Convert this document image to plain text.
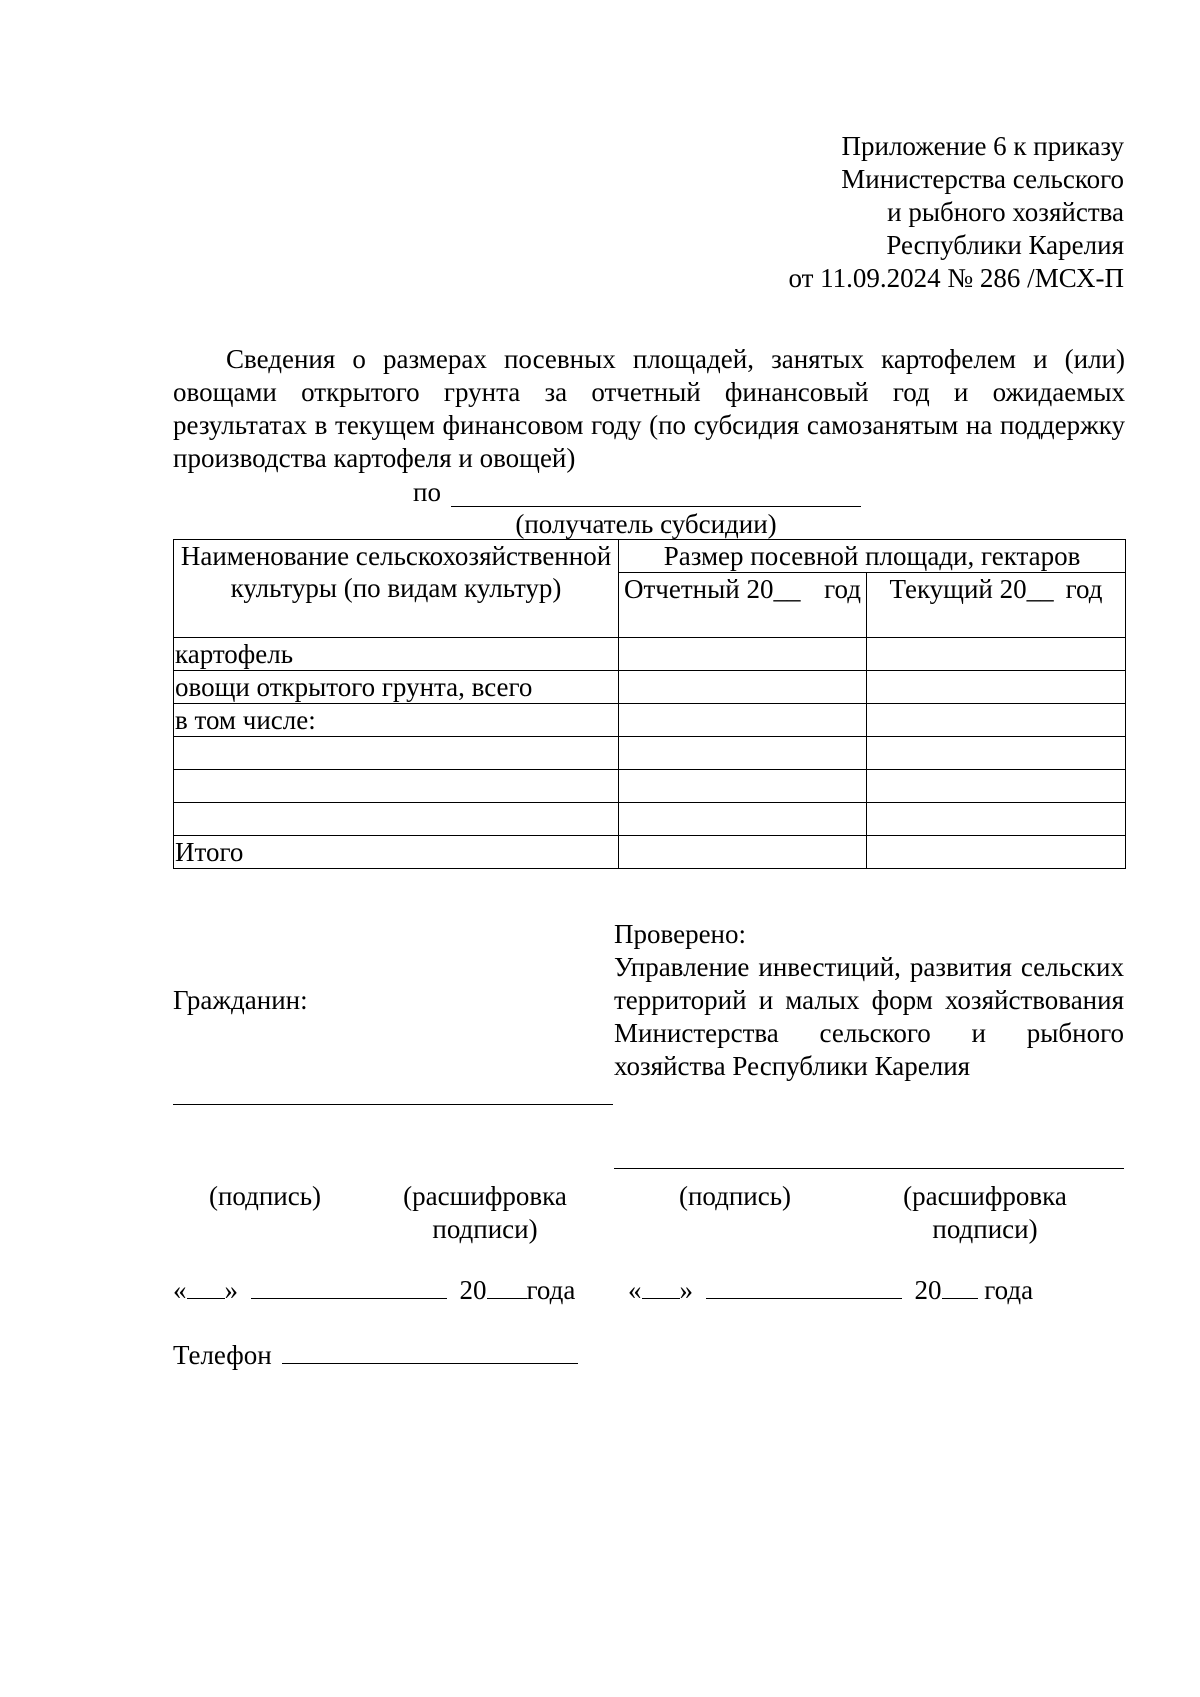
Приложение 6 к приказу
Министерства сельского
и рыбного хозяйства
Республики Карелия
от 11.09.2024 № 286 /МСХ-П
Сведения о размерах посевных площадей, занятых картофелем и (или) овощами открытого грунта за отчетный финансовый год и ожидаемых результатах в текущем финансовом году (по субсидия самозанятым на поддержку производства картофеля и овощей)
по
(получатель субсидии)
Наименование сельскохозяйственной культуры (по видам культур)	Размер посевной площади, гектаров	

	Отчетный 20__ год	Текущий 20__ год

картофель		
овощи открытого грунта, всего		
в том числе:		

Итого		
Проверено:
Управление инвестиций, развития сельских территорий и малых форм хозяйствования Министерства сельского и рыбного хозяйства Республики Карелия
Гражданин:
(подпись)	(расшифровка подписи)
(подпись)	(расшифровка подписи)
« »	20 года « »	20 года
Телефон
